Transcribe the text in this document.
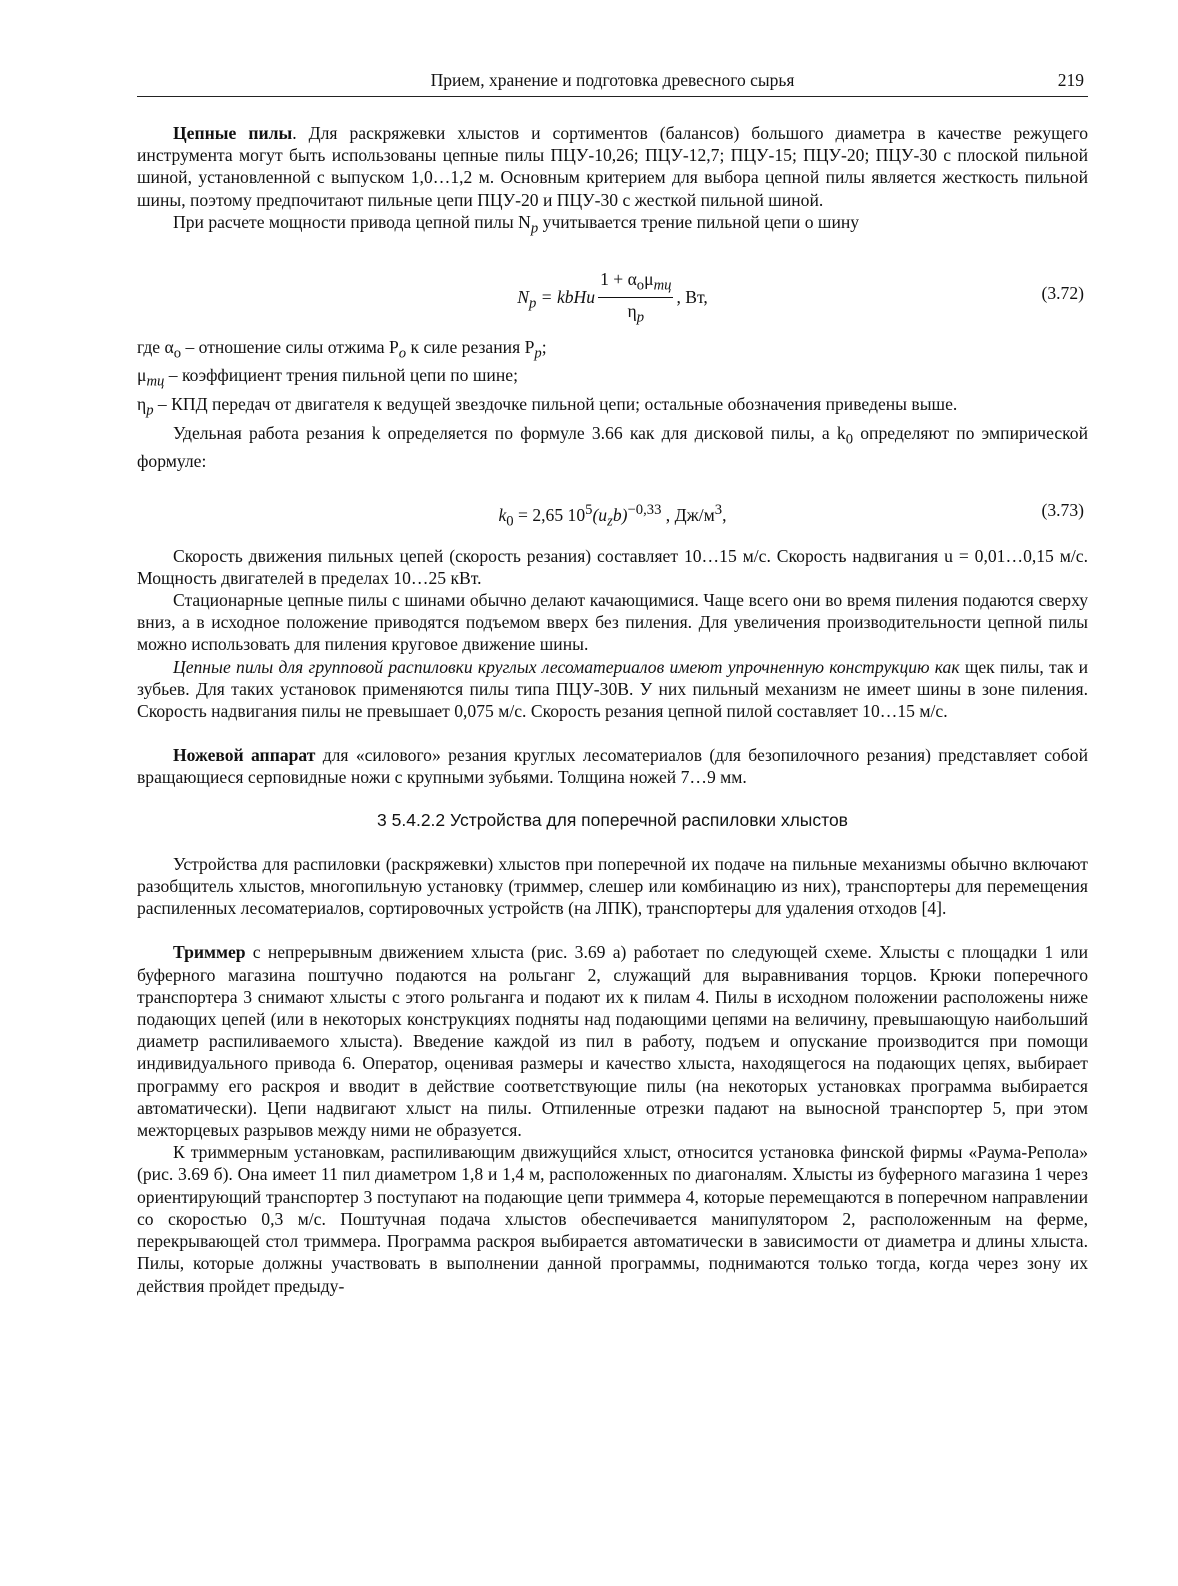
Прием, хранение и подготовка древесного сырья	219

Цепные пилы. Для раскряжевки хлыстов и сортиментов (балансов) большого диаметра в качестве режущего инструмента могут быть использованы цепные пилы ПЦУ-10,26; ПЦУ-12,7; ПЦУ-15; ПЦУ-20; ПЦУ-30 с плоской пильной шиной, установленной с выпуском 1,0…1,2 м. Основным критерием для выбора цепной пилы является жесткость пильной шины, поэтому предпочитают пильные цепи ПЦУ-20 и ПЦУ-30 с жесткой пильной шиной.

При расчете мощности привода цепной пилы $N_р$ учитывается трение пильной цепи о шину

$N_р$ = kbHu $\frac{1 + \alpha_о\mu_{тц}}{\eta_р}$ , Вт,	(3.72)

где $\alpha_о$ – отношение силы отжима $P_о$ к силе резания $P_р$;

$\mu_{тц}$ – коэффициент трения пильной цепи по шине;

$\eta_р$ – КПД передач от двигателя к ведущей звездочке пильной цепи; остальные обозначения приведены выше.

Удельная работа резания k определяется по формуле 3.66 как для дисковой пилы, а $k_0$ определяют по эмпирической формуле:

$k_0 = 2,65$ $10^5(u_zb)^{-0,33}$ , $Дж/м^3$,	(3.73)

Скорость движения пильных цепей (скорость резания) составляет 10…15 м/с. Скорость надвигания u = 0,01…0,15 м/с. Мощность двигателей в пределах 10…25 кВт.

Стационарные цепные пилы с шинами обычно делают качающимися. Чаще всего они во время пиления подаются сверху вниз, а в исходное положение приводятся подъемом вверх без пиления. Для увеличения производительности цепной пилы можно использовать для пиления круговое движение шины.

Цепные пилы для групповой распиловки круглых лесоматериалов имеют упрочненную конструкцию как щек пилы, так и зубьев. Для таких установок применяются пилы типа ПЦУ-30В. У них пильный механизм не имеет шины в зоне пиления. Скорость надвигания пилы не превышает 0,075 м/с. Скорость резания цепной пилой составляет 10…15 м/с.

Ножевой аппарат для «силового» резания круглых лесоматериалов (для безопилочного резания) представляет собой вращающиеся серповидные ножи с крупными зубьями. Толщина ножей 7…9 мм.

3 5.4.2.2 Устройства для поперечной распиловки хлыстов

Устройства для распиловки (раскряжевки) хлыстов при поперечной их подаче на пильные механизмы обычно включают разобщитель хлыстов, многопильную установку (триммер, слешер или комбинацию из них), транспортеры для перемещения распиленных лесоматериалов, сортировочных устройств (на ЛПК), транспортеры для удаления отходов [4].

Триммер с непрерывным движением хлыста (рис. 3.69 а) работает по следующей схеме. Хлысты с площадки 1 или буферного магазина поштучно подаются на рольганг 2, служащий для выравнивания торцов. Крюки поперечного транспортера 3 снимают хлысты с этого рольганга и подают их к пилам 4. Пилы в исходном положении расположены ниже подающих цепей (или в некоторых конструкциях подняты над подающими цепями на величину, превышающую наибольший диаметр распиливаемого хлыста). Введение каждой из пил в работу, подъем и опускание производится при помощи индивидуального привода 6. Оператор, оценивая размеры и качество хлыста, находящегося на подающих цепях, выбирает программу его раскроя и вводит в действие соответствующие пилы (на некоторых установках программа выбирается автоматически). Цепи надвигают хлыст на пилы. Отпиленные отрезки падают на выносной транспортер 5, при этом межторцевых разрывов между ними не образуется.

К триммерным установкам, распиливающим движущийся хлыст, относится установка финской фирмы «Раума-Репола» (рис. 3.69 б). Она имеет 11 пил диаметром 1,8 и 1,4 м, расположенных по диагоналям. Хлысты из буферного магазина 1 через ориентирующий транспортер 3 поступают на подающие цепи триммера 4, которые перемещаются в поперечном направлении со скоростью 0,3 м/с. Поштучная подача хлыстов обеспечивается манипулятором 2, расположенным на ферме, перекрывающей стол триммера. Программа раскроя выбирается автоматически в зависимости от диаметра и длины хлыста. Пилы, которые должны участвовать в выполнении данной программы, поднимаются только тогда, когда через зону их действия пройдет предыду-
